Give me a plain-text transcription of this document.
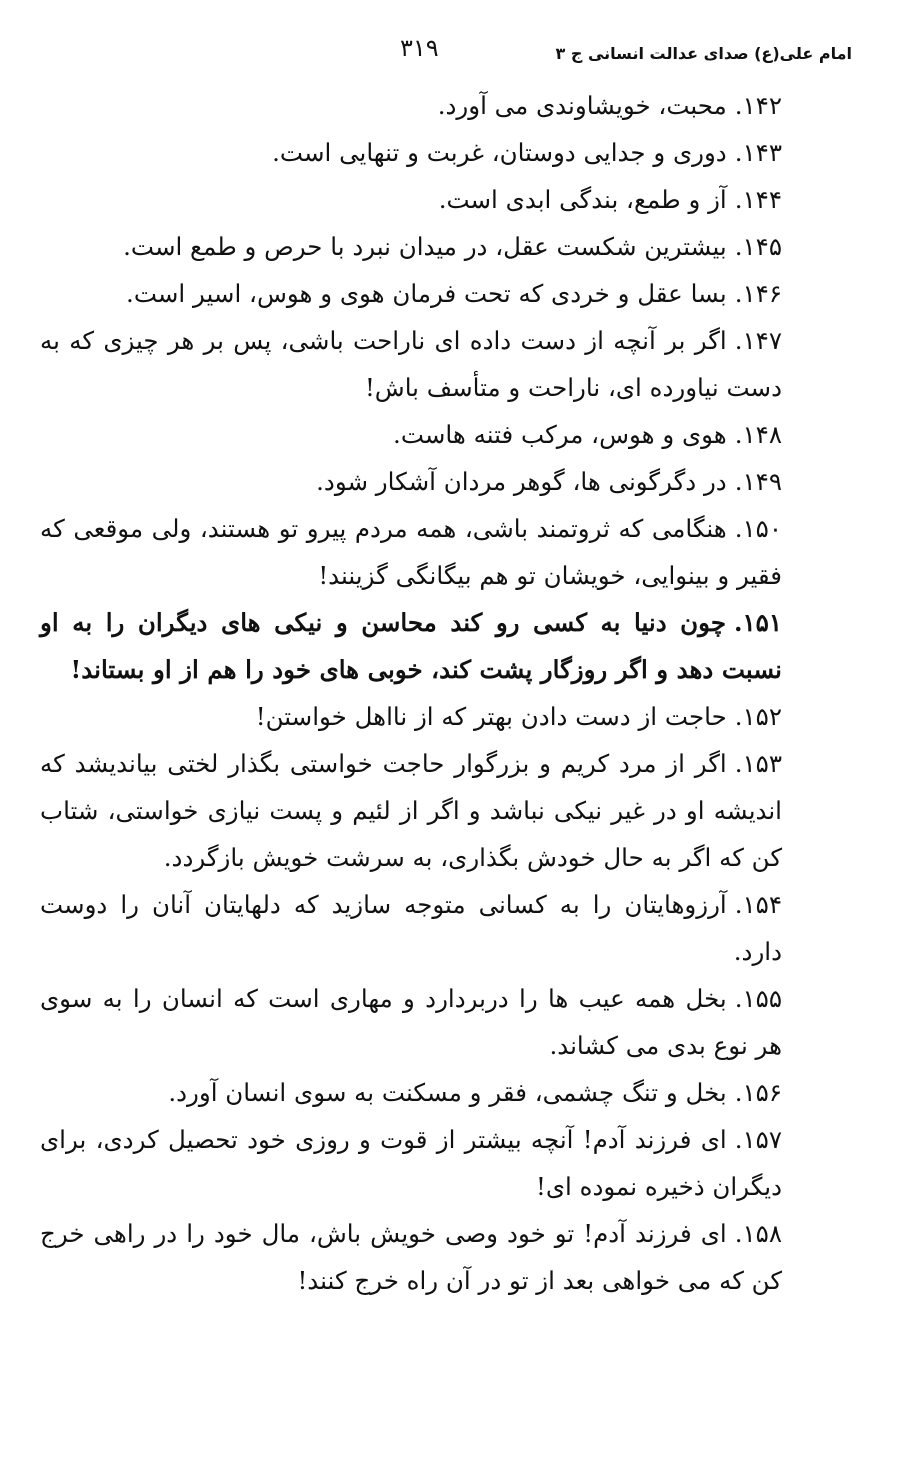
امام علی(ع) صدای عدالت انسانی ج ۳
۳۱۹

۱۴۲.محبت، خویشاوندی می آورد.

۱۴۳.دوری و جدایی دوستان، غربت و تنهایی است.

۱۴۴.آز و طمع، بندگی ابدی است.

۱۴۵.بیشترین شکست عقل، در میدان نبرد با حرص و طمع است.

۱۴۶.بسا عقل و خردی که تحت فرمان هوی و هوس، اسیر است.

۱۴۷.اگر بر آنچه از دست داده ای ناراحت باشی، پس بر هر چیزی که به دست نیاورده ای، ناراحت و متأسف باش!

۱۴۸.هوی و هوس، مرکب فتنه هاست.

۱۴۹.در دگرگونی ها، گوهر مردان آشکار شود.

۱۵۰.هنگامی که ثروتمند باشی، همه مردم پیرو تو هستند، ولی موقعی که فقیر و بینوایی، خویشان تو هم بیگانگی گزینند!

۱۵۱.چون دنیا به کسی رو کند محاسن و نیکی های دیگران را به او نسبت دهد و اگر روزگار پشت کند، خوبی های خود را هم از او بستاند!

۱۵۲.حاجت از دست دادن بهتر که از نااهل خواستن!

۱۵۳.اگر از مرد کریم و بزرگوار حاجت خواستی بگذار لختی بیاندیشد که اندیشه او در غیر نیکی نباشد و اگر از لئیم و پست نیازی خواستی، شتاب کن که اگر به حال خودش بگذاری، به سرشت خویش بازگردد.

۱۵۴.آرزوهایتان را به کسانی متوجه سازید که دلهایتان آنان را دوست دارد.

۱۵۵.بخل همه عیب ها را دربردارد و مهاری است که انسان را به سوی هر نوع بدی می کشاند.

۱۵۶.بخل و تنگ چشمی، فقر و مسکنت به سوی انسان آورد.

۱۵۷.ای فرزند آدم! آنچه بیشتر از قوت و روزی خود تحصیل کردی، برای دیگران ذخیره نموده ای!

۱۵۸.ای فرزند آدم! تو خود وصی خویش باش، مال خود را در راهی خرج کن که می خواهی بعد از تو در آن راه خرج کنند!
